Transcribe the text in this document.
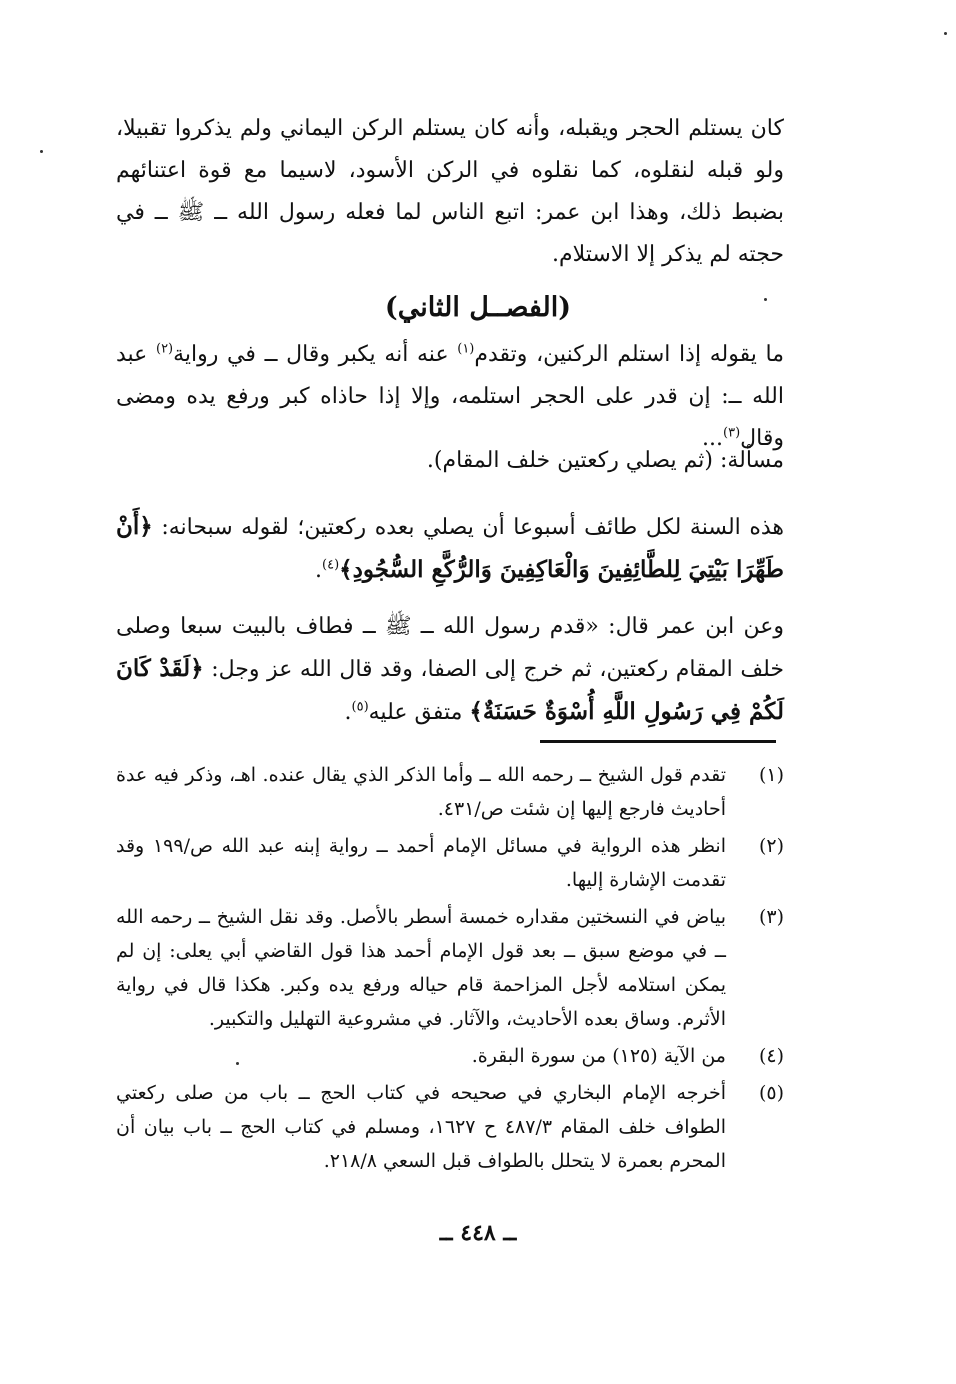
كان يستلم الحجر ويقبله، وأنه كان يستلم الركن اليماني ولم يذكروا تقبيلا، ولو قبله لنقلوه، كما نقلوه في الركن الأسود، لاسيما مع قوة اعتنائهم بضبط ذلك، وهذا ابن عمر: اتبع الناس لما فعله رسول الله ــ ﷺ ــ في حجته لم يذكر إلا الاستلام.
(الفصــل الثاني)
ما يقوله إذا استلم الركنين، وتقدم$^{(١)}$ عنه أنه يكبر وقال ــ في رواية$^{(٢)}$ عبد الله ــ: إن قدر على الحجر استلمه، وإلا إذا حاذاه كبر ورفع يده ومضى وقال$^{(٣)}$...
مسألة: (ثم يصلي ركعتين خلف المقام).
هذه السنة لكل طائف أسبوعا أن يصلي بعده ركعتين؛ لقوله سبحانه: ﴿أَنْ طَهِّرَا بَيْتِيَ لِلطَّائِفِينَ وَالْعَاكِفِينَ وَالرُّكَّعِ السُّجُودِ﴾$^{(٤)}$.
وعن ابن عمر قال: «قدم رسول الله ــ ﷺ ــ فطاف بالبيت سبعا وصلى خلف المقام ركعتين، ثم خرج إلى الصفا، وقد قال الله عز وجل: ﴿لَقَدْ كَانَ لَكُمْ فِي رَسُولِ اللَّهِ أُسْوَةٌ حَسَنَةٌ﴾ متفق عليه$^{(٥)}$.
(١)
تقدم قول الشيخ ــ رحمه الله ــ وأما الذكر الذي يقال عنده. اهـ، وذكر فيه عدة أحاديث فارجع إليها إن شئت ص/٤٣١.
(٢)
انظر هذه الرواية في مسائل الإمام أحمد ــ رواية إبنه عبد الله ص/١٩٩ وقد تقدمت الإشارة إليها.
(٣)
بياض في النسختين مقداره خمسة أسطر بالأصل. وقد نقل الشيخ ــ رحمه الله ــ في موضع سبق ــ بعد قول الإمام أحمد هذا قول القاضي أبي يعلى: إن لم يمكن استلامه لأجل المزاحمة قام حياله ورفع يده وكبر. هكذا قال في رواية الأثرم. وساق بعده الأحاديث، والآثار. في مشروعية التهليل والتكبير.
(٤)
من الآية (١٢٥) من سورة البقرة.
(٥)
أخرجه الإمام البخاري في صحيحه في كتاب الحج ــ باب من صلى ركعتي الطواف خلف المقام ٤٨٧/٣ ح ١٦٢٧، ومسلم في كتاب الحج ــ باب بيان أن المحرم بعمرة لا يتحلل بالطواف قبل السعي ٢١٨/٨.
ــ ٤٤٨ ــ
